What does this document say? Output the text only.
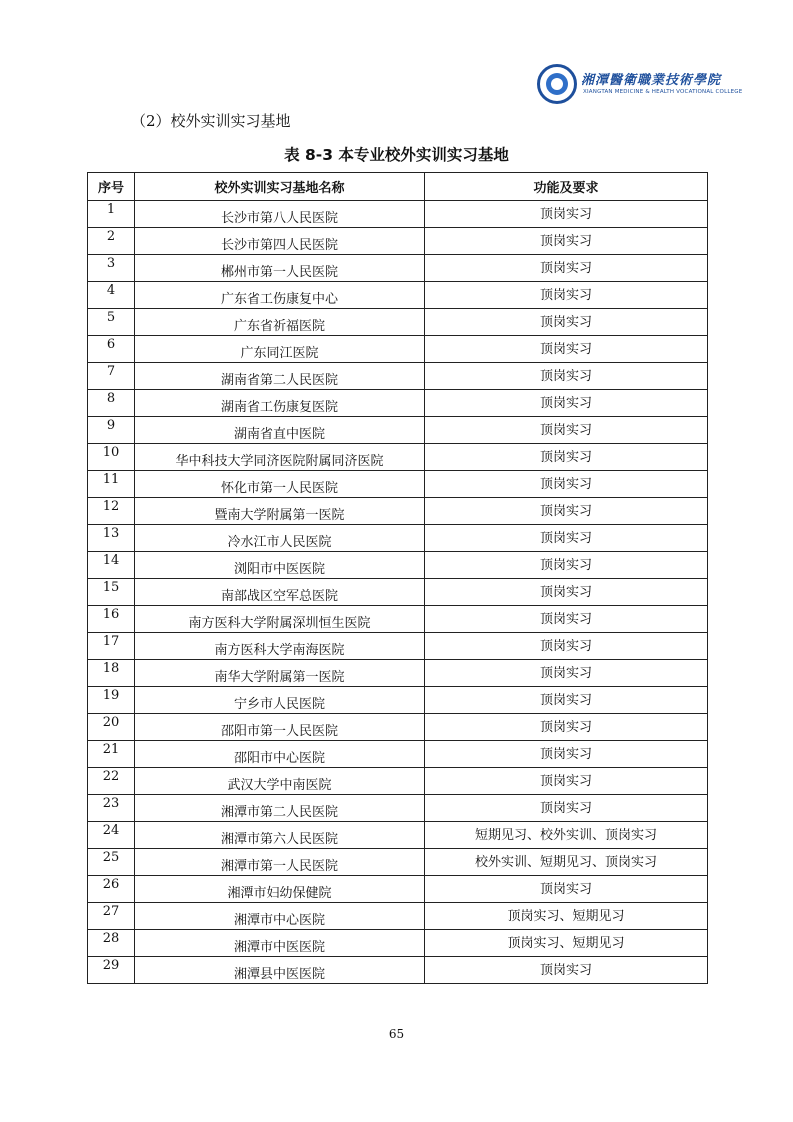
湘潭醫衛職業技術學院
XIANGTAN MEDICINE & HEALTH VOCATIONAL COLLEGE
（2）校外实训实习基地
表 8-3 本专业校外实训实习基地
序号	校外实训实习基地名称	功能及要求
1	长沙市第八人民医院	顶岗实习
2	长沙市第四人民医院	顶岗实习
3	郴州市第一人民医院	顶岗实习
4	广东省工伤康复中心	顶岗实习
5	广东省祈福医院	顶岗实习
6	广东同江医院	顶岗实习
7	湖南省第二人民医院	顶岗实习
8	湖南省工伤康复医院	顶岗实习
9	湖南省直中医院	顶岗实习
10	华中科技大学同济医院附属同济医院	顶岗实习
11	怀化市第一人民医院	顶岗实习
12	暨南大学附属第一医院	顶岗实习
13	冷水江市人民医院	顶岗实习
14	浏阳市中医医院	顶岗实习
15	南部战区空军总医院	顶岗实习
16	南方医科大学附属深圳恒生医院	顶岗实习
17	南方医科大学南海医院	顶岗实习
18	南华大学附属第一医院	顶岗实习
19	宁乡市人民医院	顶岗实习
20	邵阳市第一人民医院	顶岗实习
21	邵阳市中心医院	顶岗实习
22	武汉大学中南医院	顶岗实习
23	湘潭市第二人民医院	顶岗实习
24	湘潭市第六人民医院	短期见习、校外实训、顶岗实习
25	湘潭市第一人民医院	校外实训、短期见习、顶岗实习
26	湘潭市妇幼保健院	顶岗实习
27	湘潭市中心医院	顶岗实习、短期见习
28	湘潭市中医医院	顶岗实习、短期见习
29	湘潭县中医医院	顶岗实习
65
